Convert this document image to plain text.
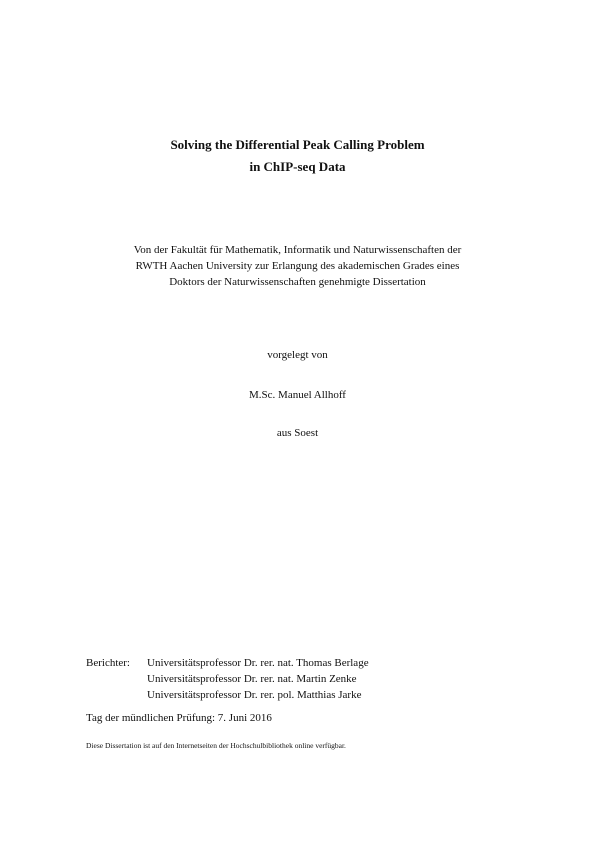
Solving the Differential Peak Calling Problem
in ChIP-seq Data
Von der Fakultät für Mathematik, Informatik und Naturwissenschaften der
RWTH Aachen University zur Erlangung des akademischen Grades eines
Doktors der Naturwissenschaften genehmigte Dissertation
vorgelegt von
M.Sc. Manuel Allhoff
aus Soest
Berichter:	Universitätsprofessor Dr. rer. nat. Thomas Berlage
Universitätsprofessor Dr. rer. nat. Martin Zenke
Universitätsprofessor Dr. rer. pol. Matthias Jarke
Tag der mündlichen Prüfung: 7. Juni 2016
Diese Dissertation ist auf den Internetseiten der Hochschulbibliothek online verfügbar.
